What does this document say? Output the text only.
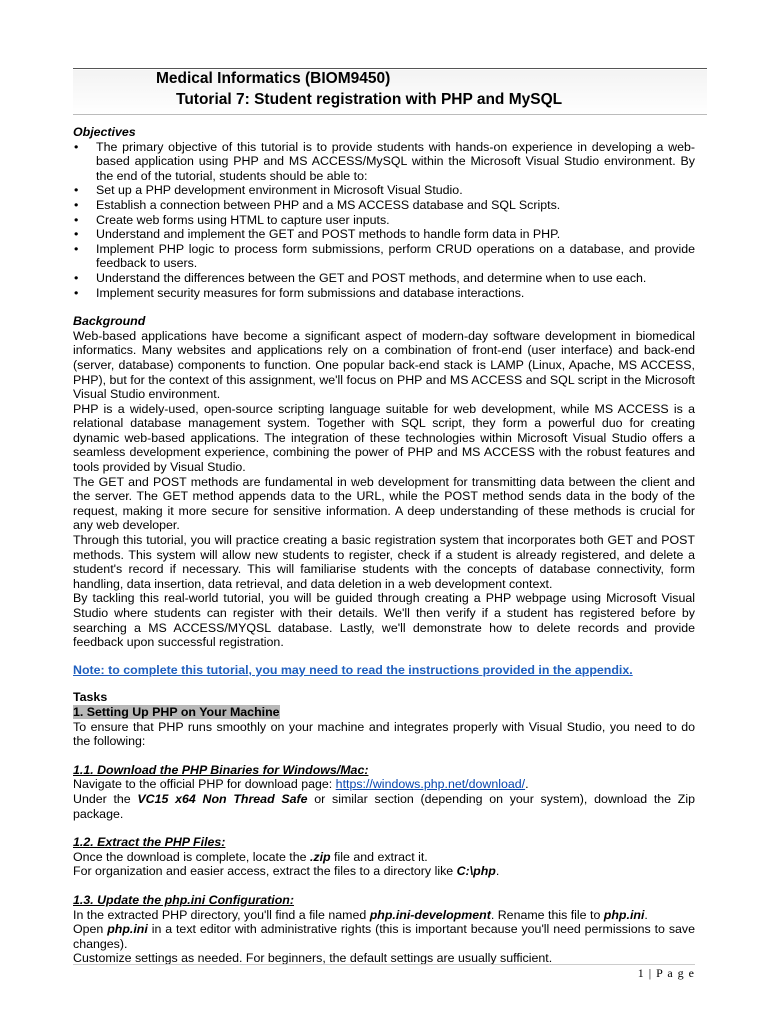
Medical Informatics (BIOM9450)
Tutorial 7: Student registration with PHP and MySQL
Objectives
• The primary objective of this tutorial is to provide students with hands-on experience in developing a web-based application using PHP and MS ACCESS/MySQL within the Microsoft Visual Studio environment. By the end of the tutorial, students should be able to:
• Set up a PHP development environment in Microsoft Visual Studio.
• Establish a connection between PHP and a MS ACCESS database and SQL Scripts.
• Create web forms using HTML to capture user inputs.
• Understand and implement the GET and POST methods to handle form data in PHP.
• Implement PHP logic to process form submissions, perform CRUD operations on a database, and provide feedback to users.
• Understand the differences between the GET and POST methods, and determine when to use each.
• Implement security measures for form submissions and database interactions.
Background

Web-based applications have become a significant aspect of modern-day software development in biomedical informatics. Many websites and applications rely on a combination of front-end (user interface) and back-end (server, database) components to function. One popular back-end stack is LAMP (Linux, Apache, MS ACCESS, PHP), but for the context of this assignment, we'll focus on PHP and MS ACCESS and SQL script in the Microsoft Visual Studio environment.

PHP is a widely-used, open-source scripting language suitable for web development, while MS ACCESS is a relational database management system. Together with SQL script, they form a powerful duo for creating dynamic web-based applications. The integration of these technologies within Microsoft Visual Studio offers a seamless development experience, combining the power of PHP and MS ACCESS with the robust features and tools provided by Visual Studio.

The GET and POST methods are fundamental in web development for transmitting data between the client and the server. The GET method appends data to the URL, while the POST method sends data in the body of the request, making it more secure for sensitive information. A deep understanding of these methods is crucial for any web developer.

Through this tutorial, you will practice creating a basic registration system that incorporates both GET and POST methods. This system will allow new students to register, check if a student is already registered, and delete a student's record if necessary. This will familiarise students with the concepts of database connectivity, form handling, data insertion, data retrieval, and data deletion in a web development context.

By tackling this real-world tutorial, you will be guided through creating a PHP webpage using Microsoft Visual Studio where students can register with their details. We'll then verify if a student has registered before by searching a MS ACCESS/MYQSL database. Lastly, we'll demonstrate how to delete records and provide feedback upon successful registration.

Note: to complete this tutorial, you may need to read the instructions provided in the appendix.

Tasks
1. Setting Up PHP on Your Machine

To ensure that PHP runs smoothly on your machine and integrates properly with Visual Studio, you need to do the following:

1.1. Download the PHP Binaries for Windows/Mac:

Navigate to the official PHP for download page: https://windows.php.net/download/.

Under the VC15 x64 Non Thread Safe or similar section (depending on your system), download the Zip package.

1.2. Extract the PHP Files:

Once the download is complete, locate the .zip file and extract it.

For organization and easier access, extract the files to a directory like C:\php.

1.3. Update the php.ini Configuration:

In the extracted PHP directory, you'll find a file named php.ini-development. Rename this file to php.ini.

Open php.ini in a text editor with administrative rights (this is important because you'll need permissions to save changes).

Customize settings as needed. For beginners, the default settings are usually sufficient.

1 | P a g e
